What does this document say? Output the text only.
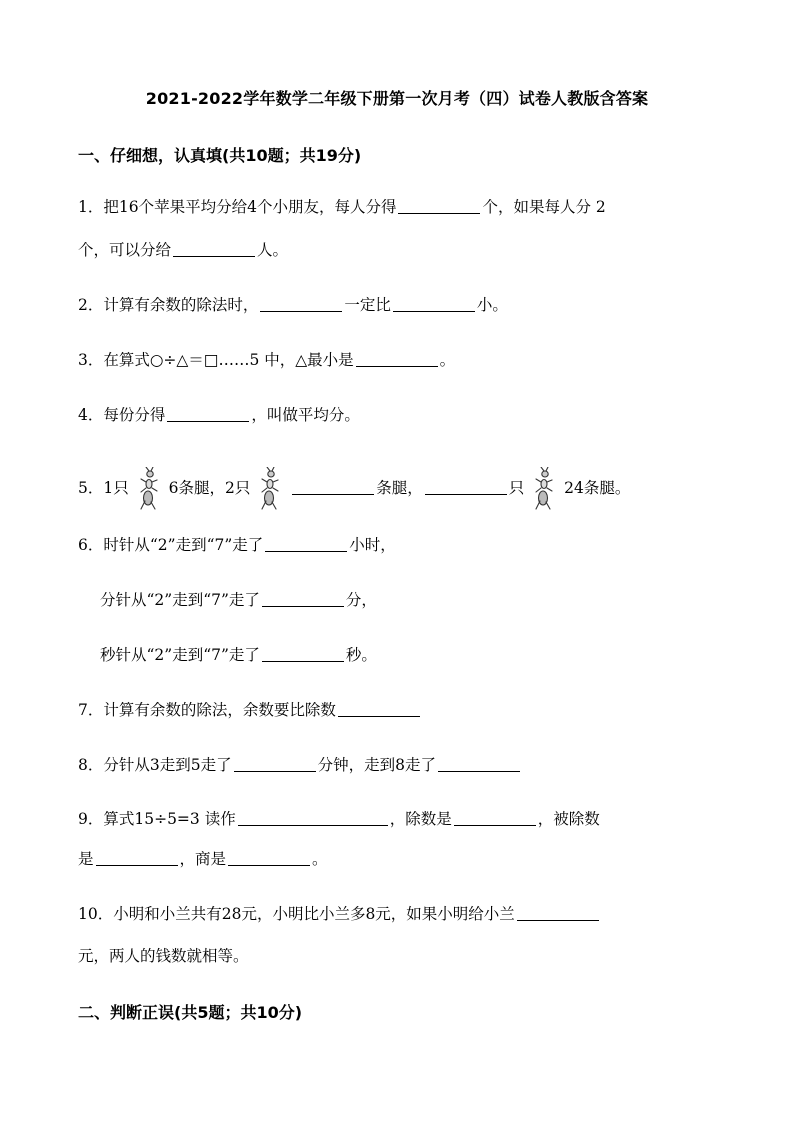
2021-2022学年数学二年级下册第一次月考（四）试卷人教版含答案
一、仔细想，认真填(共10题；共19分)
1．把16个苹果平均分给4个小朋友，每人分得	个，如果每人分 2
个，可以分给	人。
2．计算有余数的除法时，	一定比	小。
3．在算式○÷△＝□……5 中，△最小是	。
4．每份分得	，叫做平均分。
5．1只	6条腿，2只	条腿，	只	24条腿。
6．时针从“2”走到“7”走了	小时，
分针从“2”走到“7”走了	分，
秒针从“2”走到“7”走了	秒。
7．计算有余数的除法，余数要比除数
8．分针从3走到5走了	分钟，走到8走了
9．算式15÷5=3 读作	，除数是	，被除数
是	，商是	。
10．小明和小兰共有28元，小明比小兰多8元，如果小明给小兰
元，两人的钱数就相等。
二、判断正误(共5题；共10分)
